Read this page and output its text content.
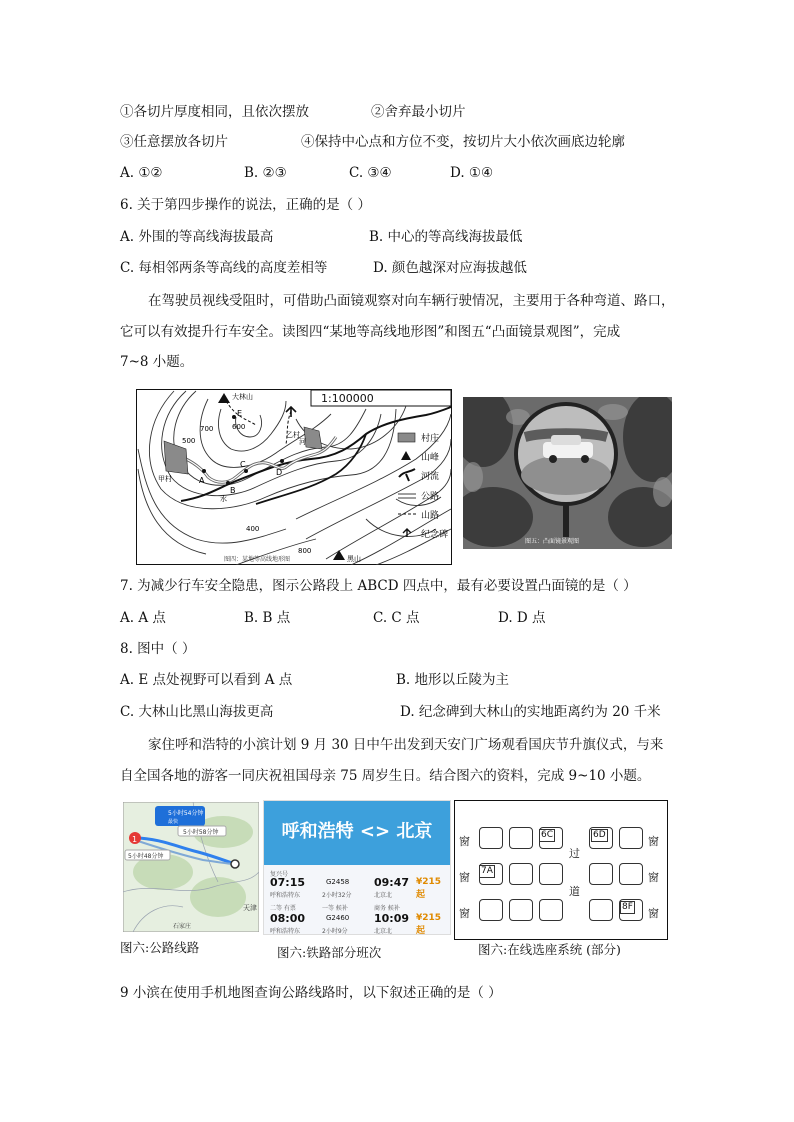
①各切片厚度相同，且依次摆放	②舍弃最小切片
③任意摆放各切片	④保持中心点和方位不变，按切片大小依次画底边轮廓
A. ①②	B. ②③	C. ③④	D. ①④
6. 关于第四步操作的说法，正确的是（ ）
A. 外围的等高线海拔最高	B. 中心的等高线海拔最低
C. 每相邻两条等高线的高度差相等	D. 颜色越深对应海拔越低
在驾驶员视线受阻时，可借助凸面镜观察对向车辆行驶情况，主要用于各种弯道、路口，
它可以有效提升行车安全。读图四“某地等高线地形图”和图五“凸面镜景观图”，完成
7~8 小题。
1:100000
大林山
黑山
A
B
C
D
E
甲村
乙村
河
水
700	600
500
400
800
村庄
山峰
河流
公路
山路
纪念碑
图四：某地等高线地形图
图五：凸面镜景观图
7. 为减少行车安全隐患，图示公路段上 ABCD 四点中，最有必要设置凸面镜的是（ ）
A. A 点	B. B 点	C. C 点	D. D 点
8. 图中（ ）
A. E 点处视野可以看到 A 点	B. 地形以丘陵为主
C. 大林山比黑山海拔更高	D. 纪念碑到大林山的实地距离约为 20 千米
家住呼和浩特的小滨计划 9 月 30 日中午出发到天安门广场观看国庆节升旗仪式，与来
自全国各地的游客一同庆祝祖国母亲 75 周岁生日。结合图六的资料，完成 9~10 小题。
1
5小时54分钟
最快
5小时58分钟
5小时48分钟
天津
石家庄
呼和浩特 <> 北京
复兴号
07:15	G2458 09:47 ¥215起
呼和浩特东	2小时32分	北京北
二等 有票	一等 候补	商务 候补
08:00	G2460 10:09 ¥215起
呼和浩特东	2小时9分	北京北
窗
窗
窗
窗
窗
窗
过
道
6C	6D
7A
8F
图六:公路线路	图六:铁路部分班次	图六:在线选座系统 (部分)
9 小滨在使用手机地图查询公路线路时，以下叙述正确的是（ ）
